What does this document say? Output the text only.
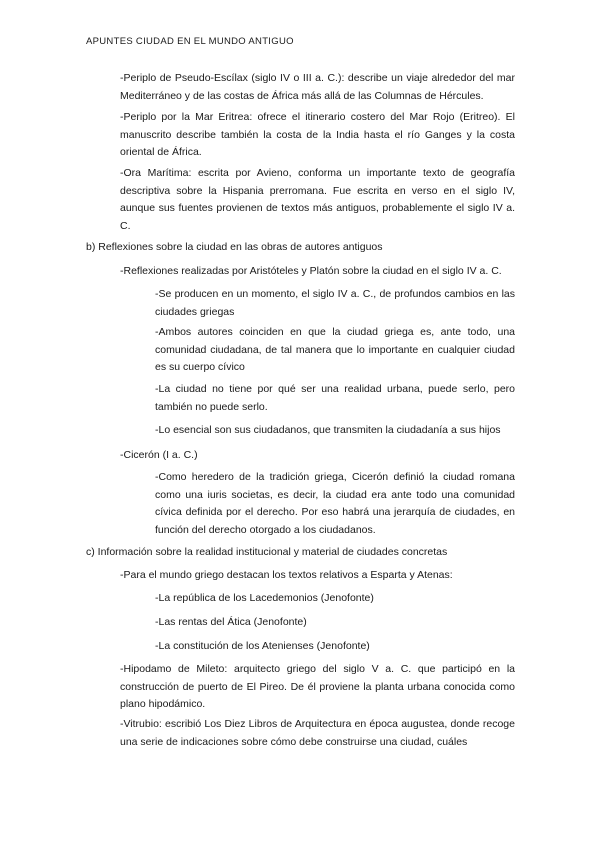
APUNTES CIUDAD EN EL MUNDO ANTIGUO

-Periplo de Pseudo-Escílax (siglo IV o III a. C.): describe un viaje alrededor del mar Mediterráneo y de las costas de África más allá de las Columnas de Hércules.

-Periplo por la Mar Eritrea: ofrece el itinerario costero del Mar Rojo (Eritreo). El manuscrito describe también la costa de la India hasta el río Ganges y la costa oriental de África.

-Ora Marítima: escrita por Avieno, conforma un importante texto de geografía descriptiva sobre la Hispania prerromana. Fue escrita en verso en el siglo IV, aunque sus fuentes provienen de textos más antiguos, probablemente el siglo IV a. C.

b) Reflexiones sobre la ciudad en las obras de autores antiguos

-Reflexiones realizadas por Aristóteles y Platón sobre la ciudad en el siglo IV a. C.

-Se producen en un momento, el siglo IV a. C., de profundos cambios en las ciudades griegas

-Ambos autores coinciden en que la ciudad griega es, ante todo, una comunidad ciudadana, de tal manera que lo importante en cualquier ciudad es su cuerpo cívico

-La ciudad no tiene por qué ser una realidad urbana, puede serlo, pero también no puede serlo.

-Lo esencial son sus ciudadanos, que transmiten la ciudadanía a sus hijos

-Cicerón (I a. C.)

-Como heredero de la tradición griega, Cicerón definió la ciudad romana como una iuris societas, es decir, la ciudad era ante todo una comunidad cívica definida por el derecho. Por eso habrá una jerarquía de ciudades, en función del derecho otorgado a los ciudadanos.

c) Información sobre la realidad institucional y material de ciudades concretas

-Para el mundo griego destacan los textos relativos a Esparta y Atenas:

-La república de los Lacedemonios (Jenofonte)

-Las rentas del Ática (Jenofonte)

-La constitución de los Atenienses (Jenofonte)

-Hipodamo de Mileto: arquitecto griego del siglo V a. C. que participó en la construcción de puerto de El Pireo. De él proviene la planta urbana conocida como plano hipodámico.

-Vitrubio: escribió Los Diez Libros de Arquitectura en época augustea, donde recoge una serie de indicaciones sobre cómo debe construirse una ciudad, cuáles
